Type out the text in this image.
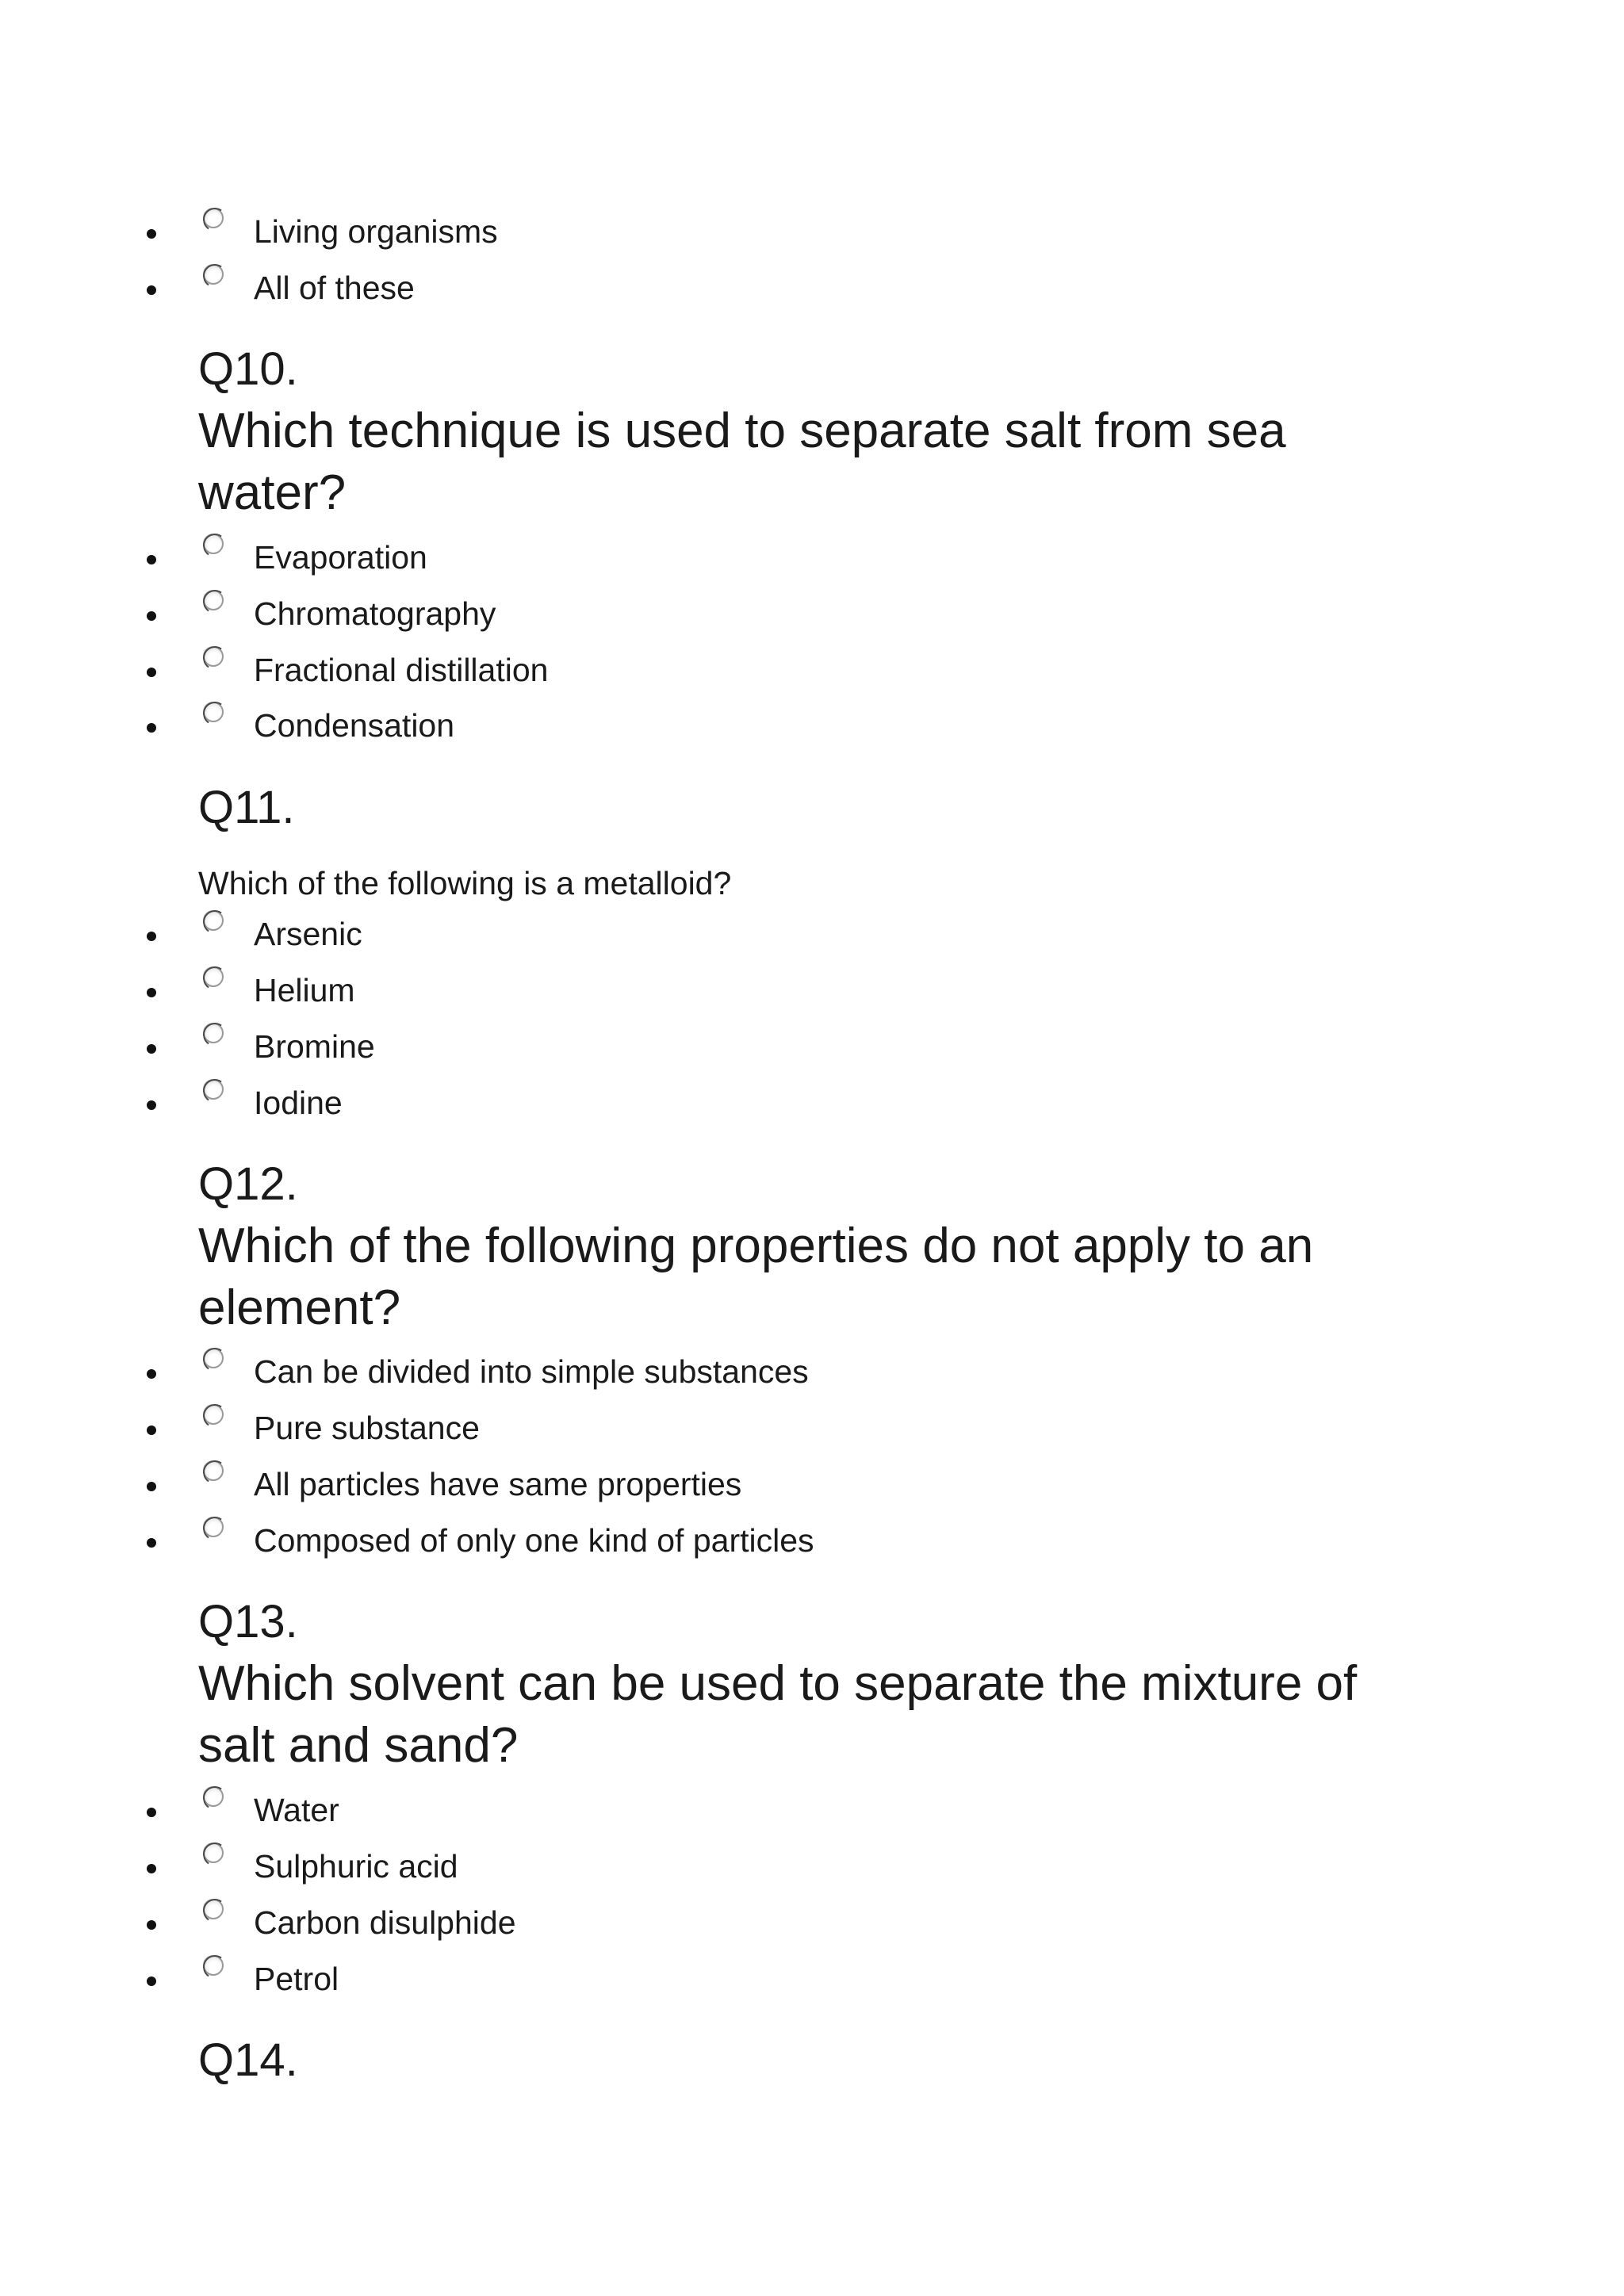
Living organisms
All of these
Q10.
Which technique is used to separate salt from sea water?
Evaporation
Chromatography
Fractional distillation
Condensation
Q11.
Which of the following is a metalloid?
Arsenic
Helium
Bromine
Iodine
Q12.
Which of the following properties do not apply to an element?
Can be divided into simple substances
Pure substance
All particles have same properties
Composed of only one kind of particles
Q13.
Which solvent can be used to separate the mixture of salt and sand?
Water
Sulphuric acid
Carbon disulphide
Petrol
Q14.
